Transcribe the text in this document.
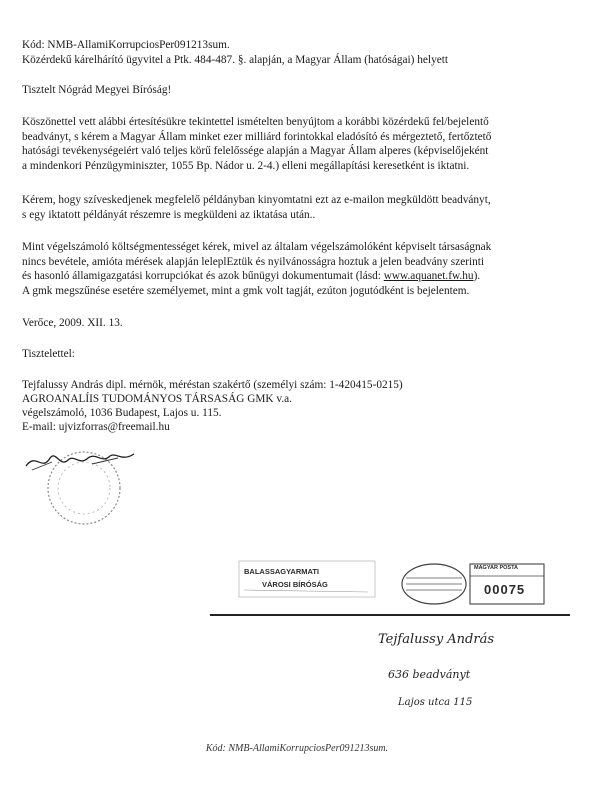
Kód: NMB-AllamiKorrupciosPer091213sum.
Közérdekű kárelhárító ügyvitel a Ptk. 484-487. §. alapján, a Magyar Állam (hatóságai) helyett
Tisztelt Nógrád Megyei Bíróság!
Köszönettel vett alábbi értesítésükre tekintettel ismételten benyújtom a korábbi közérdekű fel/bejelentő
beadványt, s kérem a Magyar Állam minket ezer milliárd forintokkal eladósító és mérgeztető, fertőztető
hatósági tevékenységeiért való teljes körű felelőssége alapján a Magyar Állam alperes (képviselőjeként
a mindenkori Pénzügyminiszter, 1055 Bp. Nádor u. 2-4.) elleni megállapítási keresetként is iktatni.
Kérem, hogy szíveskedjenek megfelelő példányban kinyomtatni ezt az e-mailon megküldött beadványt,
s egy iktatott példányát részemre is megküldeni az iktatása után..
Mint végelszámoló költségmentességet kérek, mivel az általam végelszámolóként képviselt társaságnak
nincs bevétele, amióta mérések alapján leleplEztük és nyilvánosságra hoztuk a jelen beadvány szerinti
és hasonló államigazgatási korrupciókat és azok bűnügyi dokumentumait (lásd: www.aquanet.fw.hu).
A gmk megszűnése esetére személyemet, mint a gmk volt tagját, ezúton jogutódként is bejelentem.
Verőce, 2009. XII. 13.
Tisztelettel:
Tejfalussy András dipl. mérnök, méréstan szakértő (személyi szám: 1-420415-0215)
AGROANALÍIS TUDOMÁNYOS TÁRSASÁG GMK v.a.
végelszámoló, 1036 Budapest, Lajos u. 115.
E-mail: ujvizforras@freemail.hu
BALASSAGYARMATI
VÁROSI BÍRÓSÁG
MAGYAR POSTA
00075
Tejfalussy András
636 beadványt
Lajos utca 115
Kód: NMB-AllamiKorrupciosPer091213sum.
